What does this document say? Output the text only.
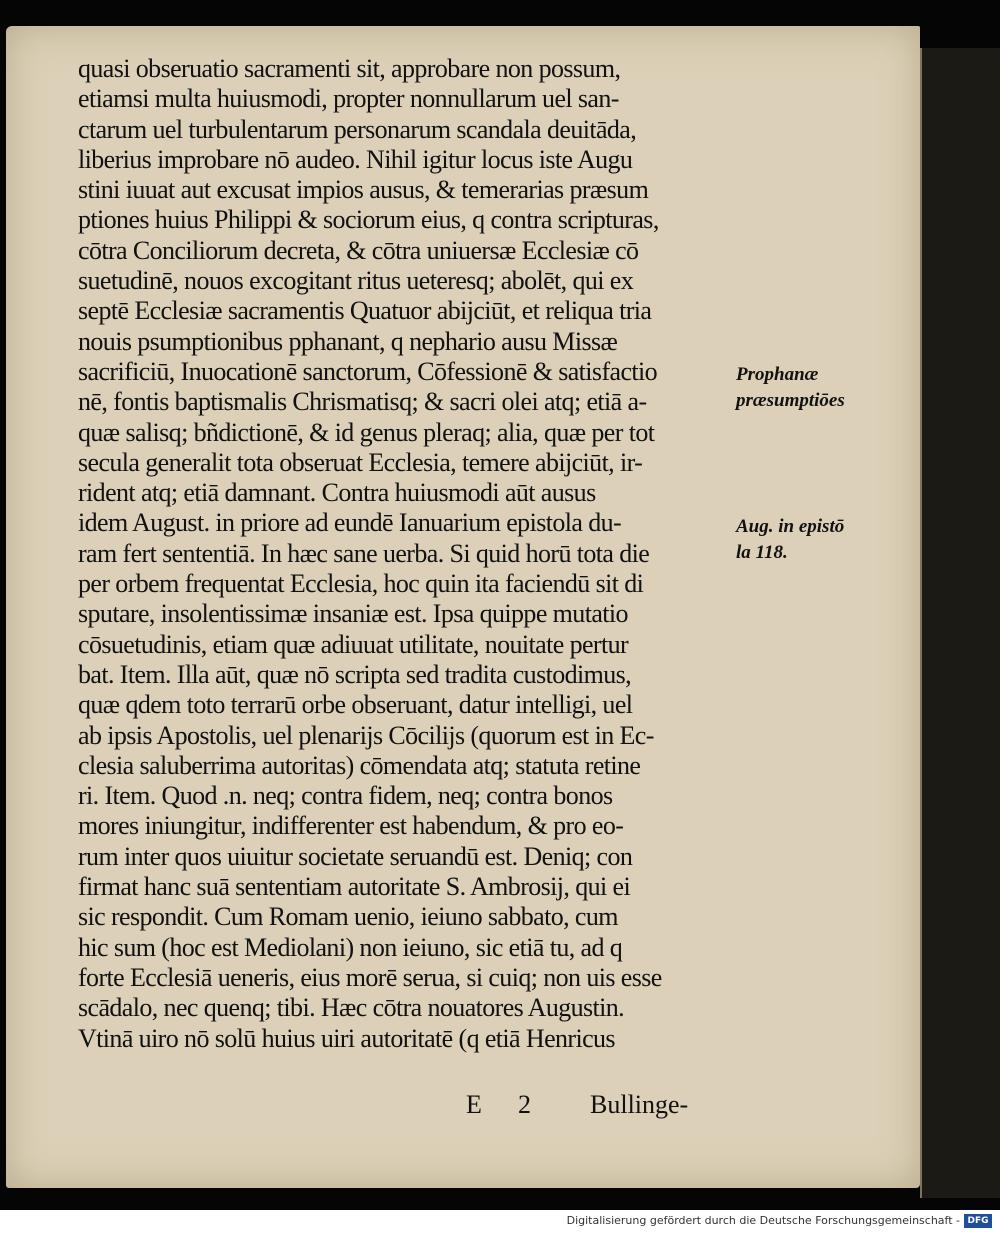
quasi obseruatio sacramenti sit, approbare non possum,
etiamsi multa huiusmodi, propter nonnullarum uel san-
ctarum uel turbulentarum personarum scandala deuitāda,
liberius improbare nō audeo. Nihil igitur locus iste Augu
stini iuuat aut excusat impios ausus, & temerarias præsum
ptiones huius Philippi & sociorum eius, q contra scripturas,
cōtra Conciliorum decreta, & cōtra uniuersæ Ecclesiæ cō
suetudinē, nouos excogitant ritus ueteresq; abolēt, qui ex
septē Ecclesiæ sacramentis Quatuor abijciūt, et reliqua tria
nouis psumptionibus pphanant, q nephario ausu Missæ
sacrificiū, Inuocationē sanctorum, Cōfessionē & satisfactio
nē, fontis baptismalis Chrismatisq; & sacri olei atq; etiā a-
quæ salisq; bñdictionē, & id genus pleraq; alia, quæ per tot
secula generalit tota obseruat Ecclesia, temere abijciūt, ir-
rident atq; etiā damnant. Contra huiusmodi aūt ausus
idem August. in priore ad eundē Ianuarium epistola du-
ram fert sententiā. In hæc sane uerba. Si quid horū tota die
per orbem frequentat Ecclesia, hoc quin ita faciendū sit di
sputare, insolentissimæ insaniæ est. Ipsa quippe mutatio
cōsuetudinis, etiam quæ adiuuat utilitate, nouitate pertur
bat. Item. Illa aūt, quæ nō scripta sed tradita custodimus,
quæ qdem toto terrarū orbe obseruant, datur intelligi, uel
ab ipsis Apostolis, uel plenarijs Cōcilijs (quorum est in Ec-
clesia saluberrima autoritas) cōmendata atq; statuta retine
ri. Item. Quod .n. neq; contra fidem, neq; contra bonos
mores iniungitur, indifferenter est habendum, & pro eo-
rum inter quos uiuitur societate seruandū est. Deniq; con
firmat hanc suā sententiam autoritate S. Ambrosij, qui ei
sic respondit. Cum Romam uenio, ieiuno sabbato, cum
hic sum (hoc est Mediolani) non ieiuno, sic etiā tu, ad q
forte Ecclesiā ueneris, eius morē serua, si cuiq; non uis esse
scādalo, nec quenq; tibi. Hæc cōtra nouatores Augustin.
Vtinā uiro nō solū huius uiri autoritatē (q etiā Henricus
Prophanæ
præsumptiōes
Aug. in epistō
la 118.
E 2 Bullinge-
Digitalisierung gefördert durch die Deutsche Forschungsgemeinschaft - DFG
